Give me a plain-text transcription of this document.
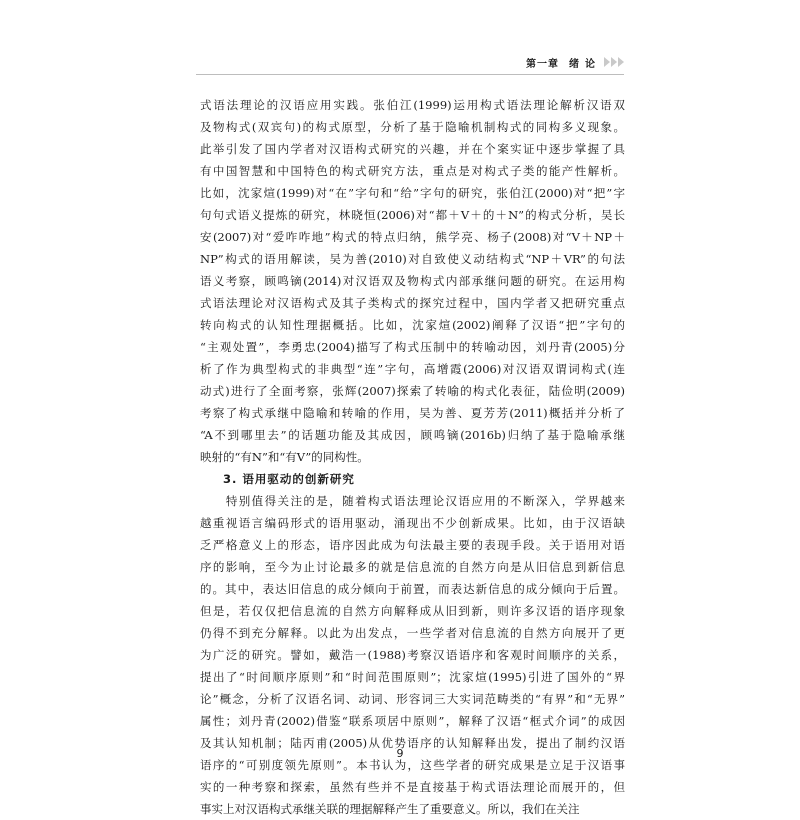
第一章 绪论
式语法理论的汉语应用实践。张伯江(1999)运用构式语法理论解析汉语双
及物构式(双宾句)的构式原型，分析了基于隐喻机制构式的同构多义现象。
此举引发了国内学者对汉语构式研究的兴趣，并在个案实证中逐步掌握了具
有中国智慧和中国特色的构式研究方法，重点是对构式子类的能产性解析。
比如，沈家煊(1999)对“在”字句和“给”字句的研究，张伯江(2000)对“把”字
句句式语义提炼的研究，林晓恒(2006)对“都＋V＋的＋N”的构式分析，吴长
安(2007)对“爱咋咋地”构式的特点归纳，熊学亮、杨子(2008)对“V＋NP＋
NP”构式的语用解读，吴为善(2010)对自致使义动结构式“NP＋VR”的句法
语义考察，顾鸣镝(2014)对汉语双及物构式内部承继问题的研究。在运用构
式语法理论对汉语构式及其子类构式的探究过程中，国内学者又把研究重点
转向构式的认知性理据概括。比如，沈家煊(2002)阐释了汉语“把”字句的
“主观处置”，李勇忠(2004)描写了构式压制中的转喻动因，刘丹青(2005)分
析了作为典型构式的非典型“连”字句，高增霞(2006)对汉语双谓词构式(连
动式)进行了全面考察，张辉(2007)探索了转喻的构式化表征，陆俭明(2009)
考察了构式承继中隐喻和转喻的作用，吴为善、夏芳芳(2011)概括并分析了
“A不到哪里去”的话题功能及其成因，顾鸣镝(2016b)归纳了基于隐喻承继
映射的“有N”和“有V”的同构性。
3. 语用驱动的创新研究
　　特别值得关注的是，随着构式语法理论汉语应用的不断深入，学界越来
越重视语言编码形式的语用驱动，涌现出不少创新成果。比如，由于汉语缺
乏严格意义上的形态，语序因此成为句法最主要的表现手段。关于语用对语
序的影响，至今为止讨论最多的就是信息流的自然方向是从旧信息到新信息
的。其中，表达旧信息的成分倾向于前置，而表达新信息的成分倾向于后置。
但是，若仅仅把信息流的自然方向解释成从旧到新，则许多汉语的语序现象
仍得不到充分解释。以此为出发点，一些学者对信息流的自然方向展开了更
为广泛的研究。譬如，戴浩一(1988)考察汉语语序和客观时间顺序的关系，
提出了“时间顺序原则”和“时间范围原则”；沈家煊(1995)引进了国外的“界
论”概念，分析了汉语名词、动词、形容词三大实词范畴类的“有界”和“无界”
属性；刘丹青(2002)借鉴“联系项居中原则”，解释了汉语“框式介词”的成因
及其认知机制；陆丙甫(2005)从优势语序的认知解释出发，提出了制约汉语
语序的“可别度领先原则”。本书认为，这些学者的研究成果是立足于汉语事
实的一种考察和探索，虽然有些并不是直接基于构式语法理论而展开的，但
事实上对汉语构式承继关联的理据解释产生了重要意义。所以，我们在关注
9
